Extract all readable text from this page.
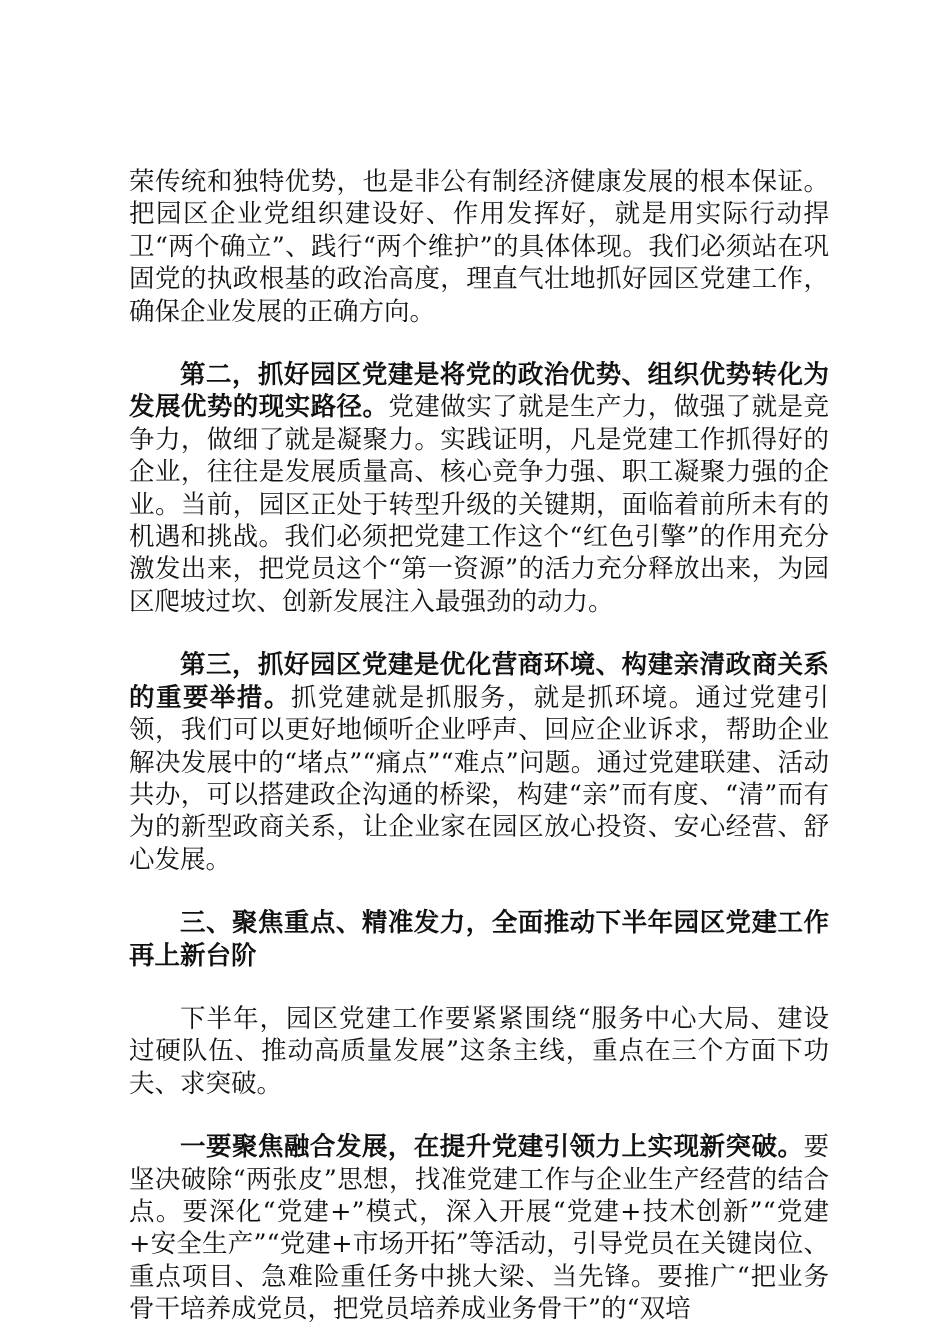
荣传统和独特优势，也是非公有制经济健康发展的根本保证。把园区企业党组织建设好、作用发挥好，就是用实际行动捍卫“两个确立”、践行“两个维护”的具体体现。我们必须站在巩固党的执政根基的政治高度，理直气壮地抓好园区党建工作，确保企业发展的正确方向。

第二，抓好园区党建是将党的政治优势、组织优势转化为发展优势的现实路径。党建做实了就是生产力，做强了就是竞争力，做细了就是凝聚力。实践证明，凡是党建工作抓得好的企业，往往是发展质量高、核心竞争力强、职工凝聚力强的企业。当前，园区正处于转型升级的关键期，面临着前所未有的机遇和挑战。我们必须把党建工作这个“红色引擎”的作用充分激发出来，把党员这个“第一资源”的活力充分释放出来，为园区爬坡过坎、创新发展注入最强劲的动力。

第三，抓好园区党建是优化营商环境、构建亲清政商关系的重要举措。抓党建就是抓服务，就是抓环境。通过党建引领，我们可以更好地倾听企业呼声、回应企业诉求，帮助企业解决发展中的“堵点”“痛点”“难点”问题。通过党建联建、活动共办，可以搭建政企沟通的桥梁，构建“亲”而有度、“清”而有为的新型政商关系，让企业家在园区放心投资、安心经营、舒心发展。

三、聚焦重点、精准发力，全面推动下半年园区党建工作再上新台阶

下半年，园区党建工作要紧紧围绕“服务中心大局、建设过硬队伍、推动高质量发展”这条主线，重点在三个方面下功夫、求突破。

一要聚焦融合发展，在提升党建引领力上实现新突破。要坚决破除“两张皮”思想，找准党建工作与企业生产经营的结合点。要深化“党建+”模式，深入开展“党建+技术创新”“党建+安全生产”“党建+市场开拓”等活动，引导党员在关键岗位、重点项目、急难险重任务中挑大梁、当先锋。要推广“把业务骨干培养成党员，把党员培养成业务骨干”的“双培
